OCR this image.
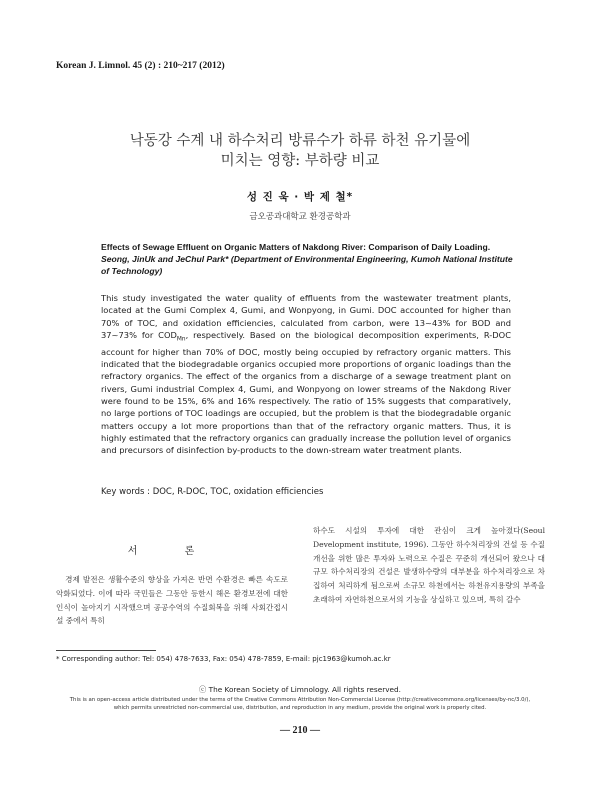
Korean J. Limnol. 45 (2) : 210~217 (2012)
낙동강 수계 내 하수처리 방류수가 하류 하천 유기물에
미치는 영향: 부하량 비교
성 진 욱 · 박 제 철*
금오공과대학교 환경공학과
Effects of Sewage Effluent on Organic Matters of Nakdong River: Comparison of Daily Loading.
Seong, JinUk and JeChul Park* (Department of Environmental Engineering, Kumoh National Institute of Technology)
This study investigated the water quality of effluents from the wastewater treatment plants, located at the Gumi Complex 4, Gumi, and Wonpyong, in Gumi. DOC accounted for higher than 70% of TOC, and oxidation efficiencies, calculated from carbon, were 13~43% for BOD and 37~73% for $COD_{Mn}$, respectively. Based on the biological decomposition experiments, R-DOC account for higher than 70% of DOC, mostly being occupied by refractory organic matters. This indicated that the biodegradable organics occupied more proportions of organic loadings than the refractory organics. The effect of the organics from a discharge of a sewage treatment plant on rivers, Gumi industrial Complex 4, Gumi, and Wonpyong on lower streams of the Nakdong River were found to be 15%, 6% and 16% respectively. The ratio of 15% suggests that comparatively, no large portions of TOC loadings are occupied, but the problem is that the biodegradable organic matters occupy a lot more proportions than that of the refractory organic matters. Thus, it is highly estimated that the refractory organics can gradually increase the pollution level of organics and precursors of disinfection by-products to the down-stream water treatment plants.
Key words : DOC, R-DOC, TOC, oxidation efficiencies
서 론

경제 발전은 생활수준의 향상을 가져온 반면 수환경은 빠른 속도로 악화되었다. 이에 따라 국민들은 그동안 등한시 해온 환경보전에 대한 인식이 높아지기 시작했으며 공공수역의 수질회복을 위해 사회간접시설 중에서 특히

하수도 시설의 투자에 대한 관심이 크게 높아졌다(Seoul Development institute, 1996). 그동안 하수처리장의 건설 등 수질개선을 위한 많은 투자와 노력으로 수질은 꾸준히 개선되어 왔으나 대규모 하수처리장의 건설은 발생하수량의 대부분을 하수처리장으로 차집하여 처리하게 됨으로써 소규모 하천에서는 하천유지용량의 부족을 초래하여 자연하천으로서의 기능을 상실하고 있으며, 특히 갈수

* Corresponding author: Tel: 054) 478-7633, Fax: 054) 478-7859, E-mail: pjc1963@kumoh.ac.kr
ⓒ The Korean Society of Limnology. All rights reserved.
This is an open-access article distributed under the terms of the Creative Commons Attribution Non-Commercial License (http://creativecommons.org/licenses/by-nc/3.0/),
which permits unrestricted non-commercial use, distribution, and reproduction in any medium, provide the original work is properly cited.
— 210 —
